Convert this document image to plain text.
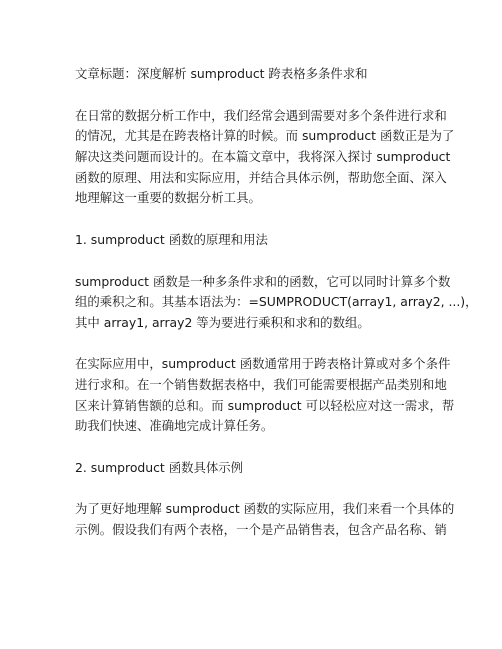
文章标题：深度解析 sumproduct 跨表格多条件求和
在日常的数据分析工作中，我们经常会遇到需要对多个条件进行求和
的情况，尤其是在跨表格计算的时候。而 sumproduct 函数正是为了
解决这类问题而设计的。在本篇文章中，我将深入探讨 sumproduct
函数的原理、用法和实际应用，并结合具体示例，帮助您全面、深入
地理解这一重要的数据分析工具。
1. sumproduct 函数的原理和用法
sumproduct 函数是一种多条件求和的函数，它可以同时计算多个数
组的乘积之和。其基本语法为：=SUMPRODUCT(array1, array2, ...)，
其中 array1, array2 等为要进行乘积和求和的数组。
在实际应用中，sumproduct 函数通常用于跨表格计算或对多个条件
进行求和。在一个销售数据表格中，我们可能需要根据产品类别和地
区来计算销售额的总和。而 sumproduct 可以轻松应对这一需求，帮
助我们快速、准确地完成计算任务。
2. sumproduct 函数具体示例
为了更好地理解 sumproduct 函数的实际应用，我们来看一个具体的
示例。假设我们有两个表格，一个是产品销售表，包含产品名称、销
